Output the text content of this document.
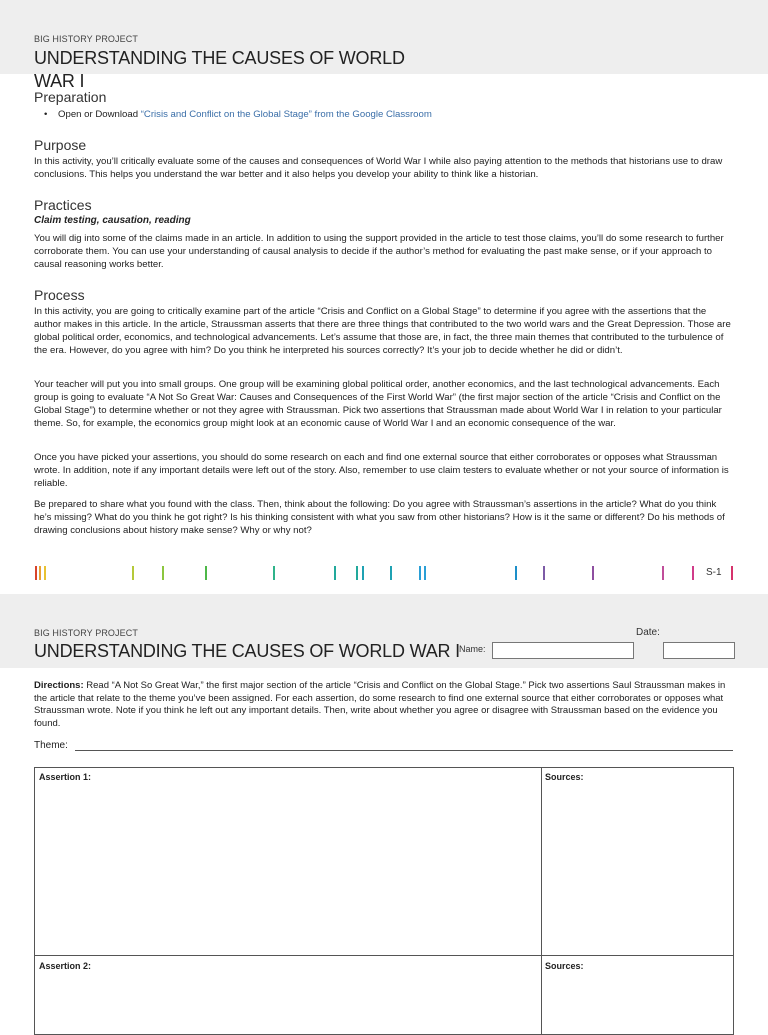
BIG HISTORY PROJECT
UNDERSTANDING THE CAUSES OF WORLD
WAR I
Preparation
•    Open or Download “Crisis and Conflict on the Global Stage” from the Google Classroom
Purpose
In this activity, you’ll critically evaluate some of the causes and consequences of World War I while also paying attention to the methods that historians use to draw conclusions. This helps you understand the war better and it also helps you develop your ability to think like a historian.
Practices
Claim testing, causation, reading
You will dig into some of the claims made in an article. In addition to using the support provided in the article to test those claims, you’ll do some research to further corroborate them. You can use your understanding of causal analysis to decide if the author’s method for evaluating the past make sense, or if your approach to causal reasoning works better.
Process
In this activity, you are going to critically examine part of the article “Crisis and Conflict on a Global Stage” to determine if you agree with the assertions that the author makes in this article. In the article, Straussman asserts that there are three things that contributed to the two world wars and the Great Depression. Those are global political order, economics, and technological advancements. Let’s assume that those are, in fact, the three main themes that contributed to the turbulence of the era. However, do you agree with him? Do you think he interpreted his sources correctly? It’s your job to decide whether he did or didn’t.
Your teacher will put you into small groups. One group will be examining global political order, another economics, and the last technological advancements. Each group is going to evaluate “A Not So Great War: Causes and Consequences of the First World War” (the first major section of the article “Crisis and Conflict on the Global Stage”) to determine whether or not they agree with Straussman. Pick two assertions that Straussman made about World War I in relation to your particular theme. So, for example, the economics group might look at an economic cause of World War I and an economic consequence of the war.
Once you have picked your assertions, you should do some research on each and find one external source that either corroborates or opposes what Straussman wrote. In addition, note if any important details were left out of the story. Also, remember to use claim testers to evaluate whether or not your source of information is reliable.
Be prepared to share what you found with the class. Then, think about the following: Do you agree with Straussman’s assertions in the article? What do you think he’s missing? What do you think he got right? Is his thinking consistent with what you saw from other historians? How is it the same or different? Do his methods of drawing conclusions about history make sense? Why or why not?
S-1
BIG HISTORY PROJECT
UNDERSTANDING THE CAUSES OF WORLD WAR I Name:
Date:
Directions: Read “A Not So Great War,” the first major section of the article “Crisis and Conflict on the Global Stage.” Pick two assertions Saul Straussman makes in the article that relate to the theme you’ve been assigned. For each assertion, do some research to find one external source that either corroborates or opposes what Straussman wrote. Note if you think he left out any important details. Then, write about whether you agree or disagree with Straussman based on the evidence you found.
Theme:
Assertion 1:	Sources:
Assertion 2:	Sources:
